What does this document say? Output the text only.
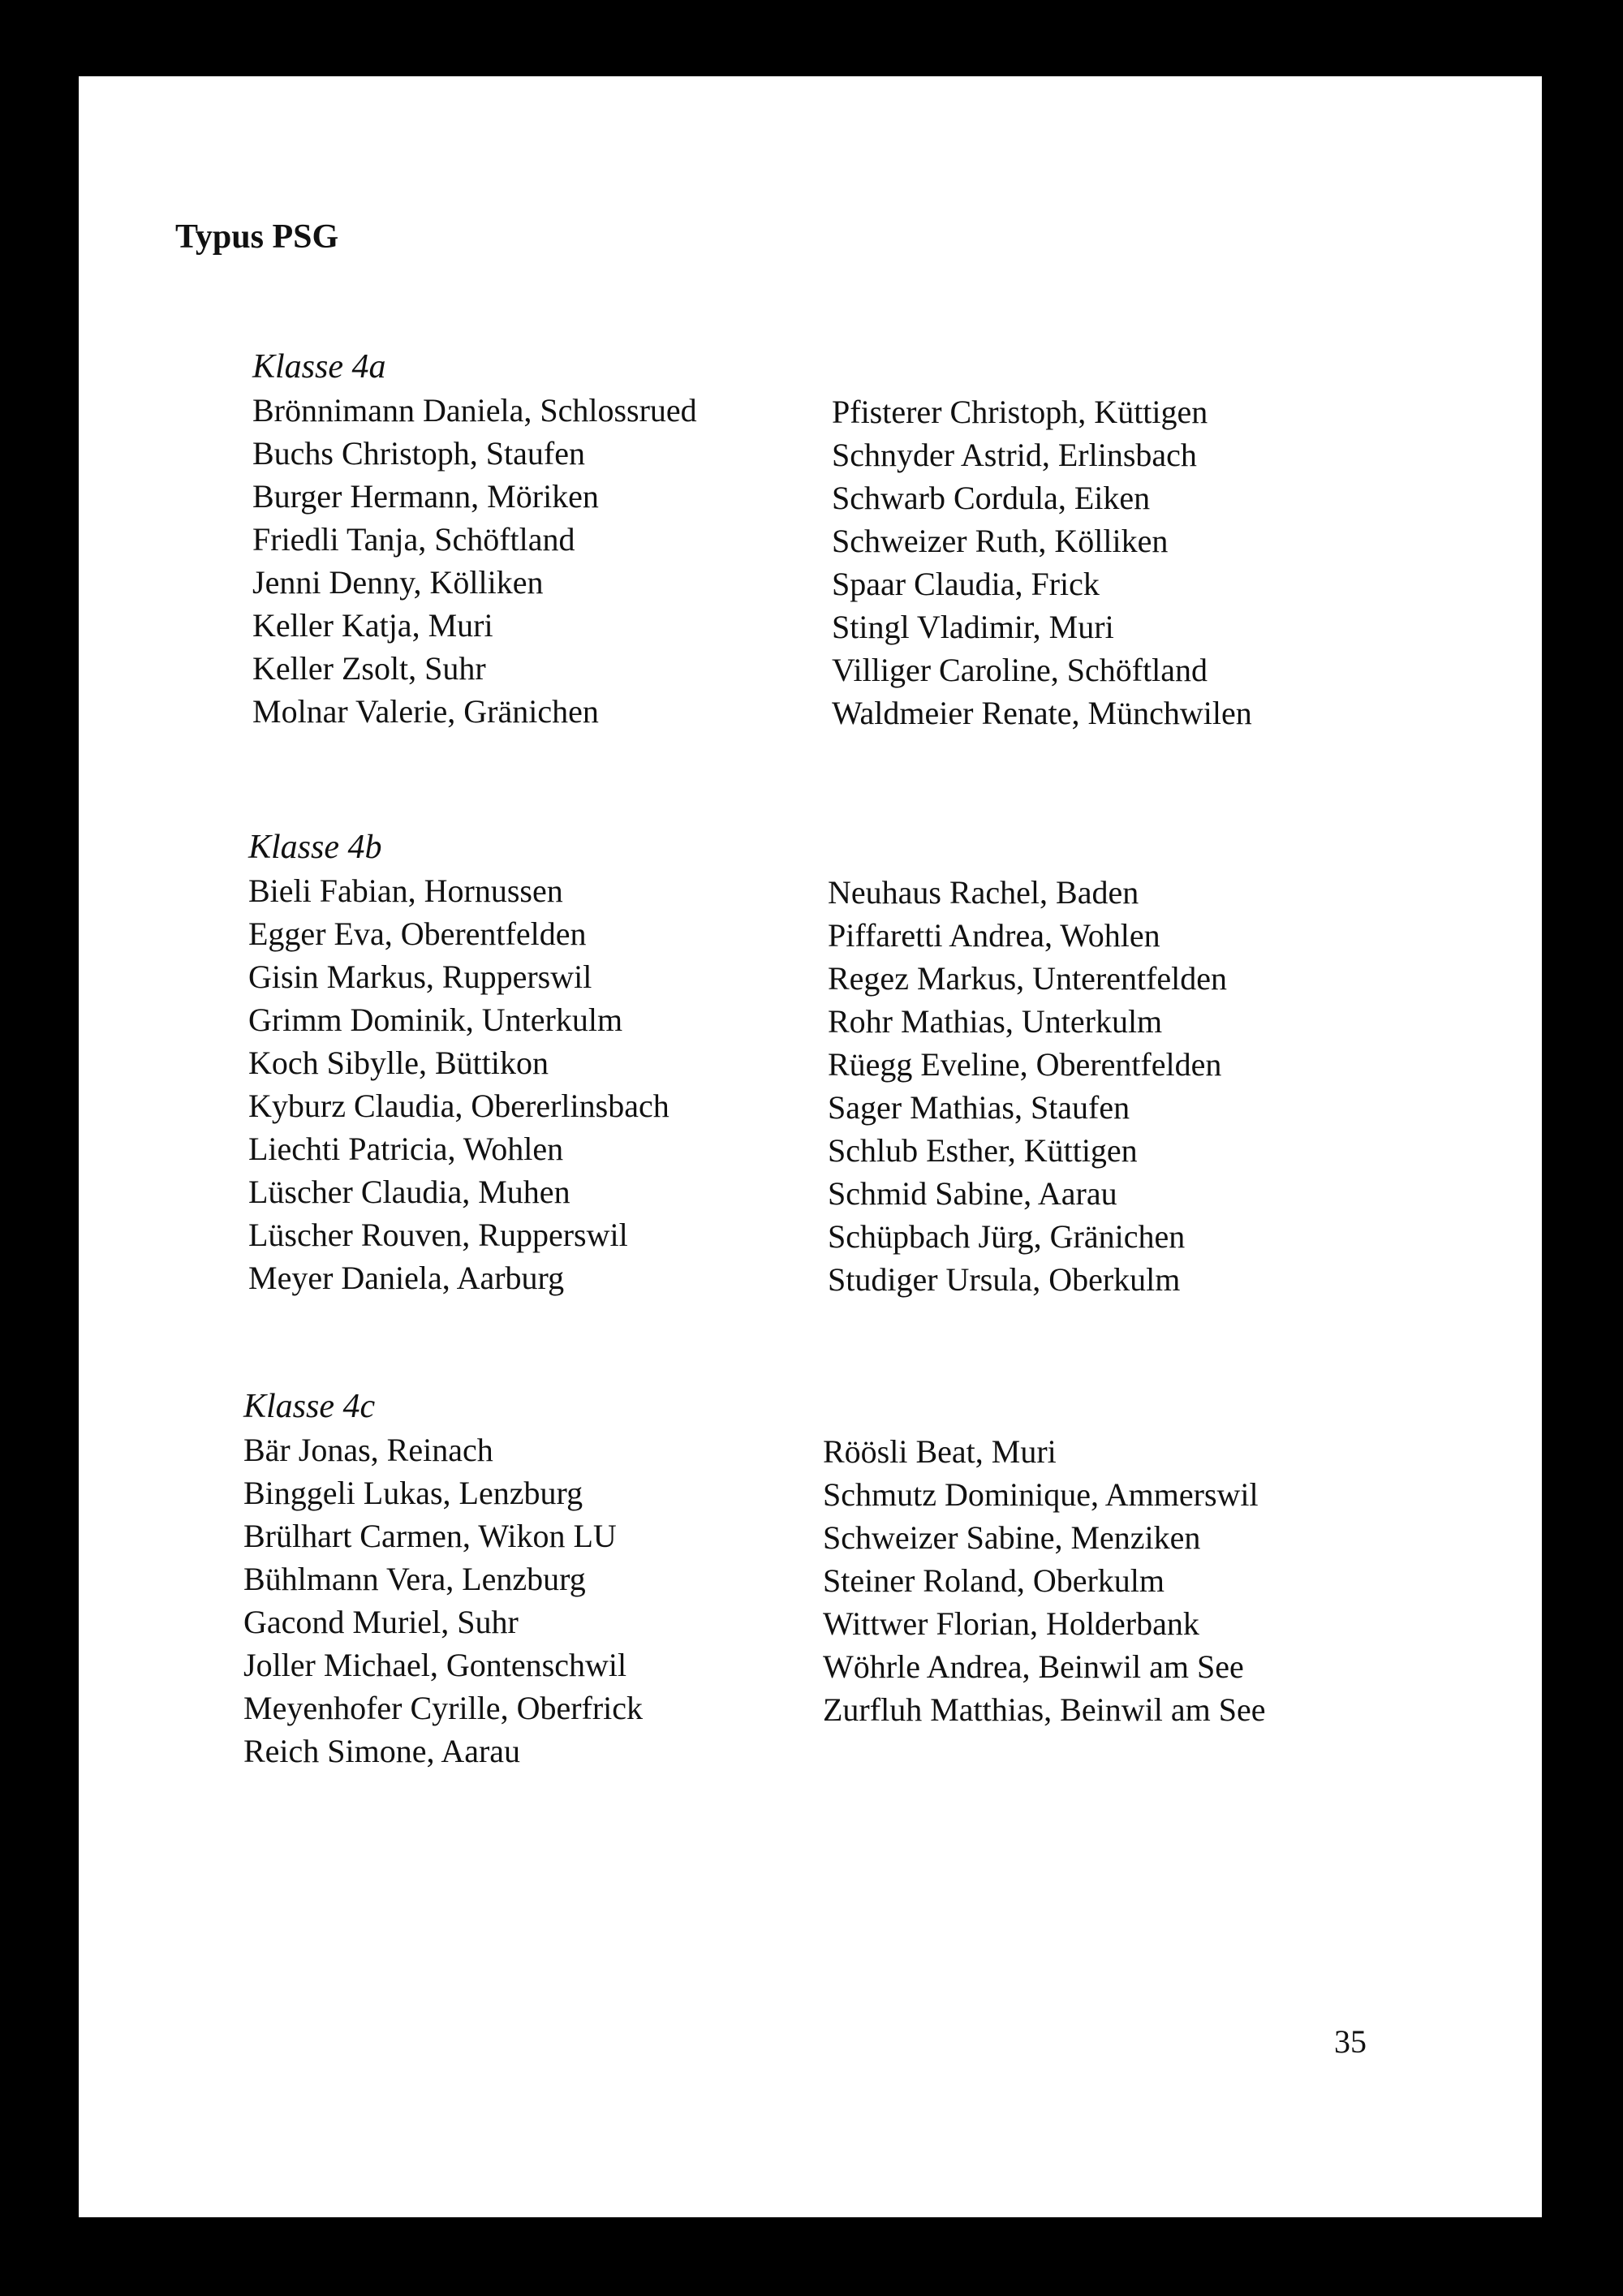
Typus PSG

Klasse 4a

Brönnimann Daniela, Schlossrued
Buchs Christoph, Staufen
Burger Hermann, Möriken
Friedli Tanja, Schöftland
Jenni Denny, Kölliken
Keller Katja, Muri
Keller Zsolt, Suhr
Molnar Valerie, Gränichen
Pfisterer Christoph, Küttigen
Schnyder Astrid, Erlinsbach
Schwarb Cordula, Eiken
Schweizer Ruth, Kölliken
Spaar Claudia, Frick
Stingl Vladimir, Muri
Villiger Caroline, Schöftland
Waldmeier Renate, Münchwilen

Klasse 4b

Bieli Fabian, Hornussen
Egger Eva, Oberentfelden
Gisin Markus, Rupperswil
Grimm Dominik, Unterkulm
Koch Sibylle, Büttikon
Kyburz Claudia, Obererlinsbach
Liechti Patricia, Wohlen
Lüscher Claudia, Muhen
Lüscher Rouven, Rupperswil
Meyer Daniela, Aarburg
Neuhaus Rachel, Baden
Piffaretti Andrea, Wohlen
Regez Markus, Unterentfelden
Rohr Mathias, Unterkulm
Rüegg Eveline, Oberentfelden
Sager Mathias, Staufen
Schlub Esther, Küttigen
Schmid Sabine, Aarau
Schüpbach Jürg, Gränichen
Studiger Ursula, Oberkulm

Klasse 4c

Bär Jonas, Reinach
Binggeli Lukas, Lenzburg
Brülhart Carmen, Wikon LU
Bühlmann Vera, Lenzburg
Gacond Muriel, Suhr
Joller Michael, Gontenschwil
Meyenhofer Cyrille, Oberfrick
Reich Simone, Aarau
Röösli Beat, Muri
Schmutz Dominique, Ammerswil
Schweizer Sabine, Menziken
Steiner Roland, Oberkulm
Wittwer Florian, Holderbank
Wöhrle Andrea, Beinwil am See
Zurfluh Matthias, Beinwil am See
35
